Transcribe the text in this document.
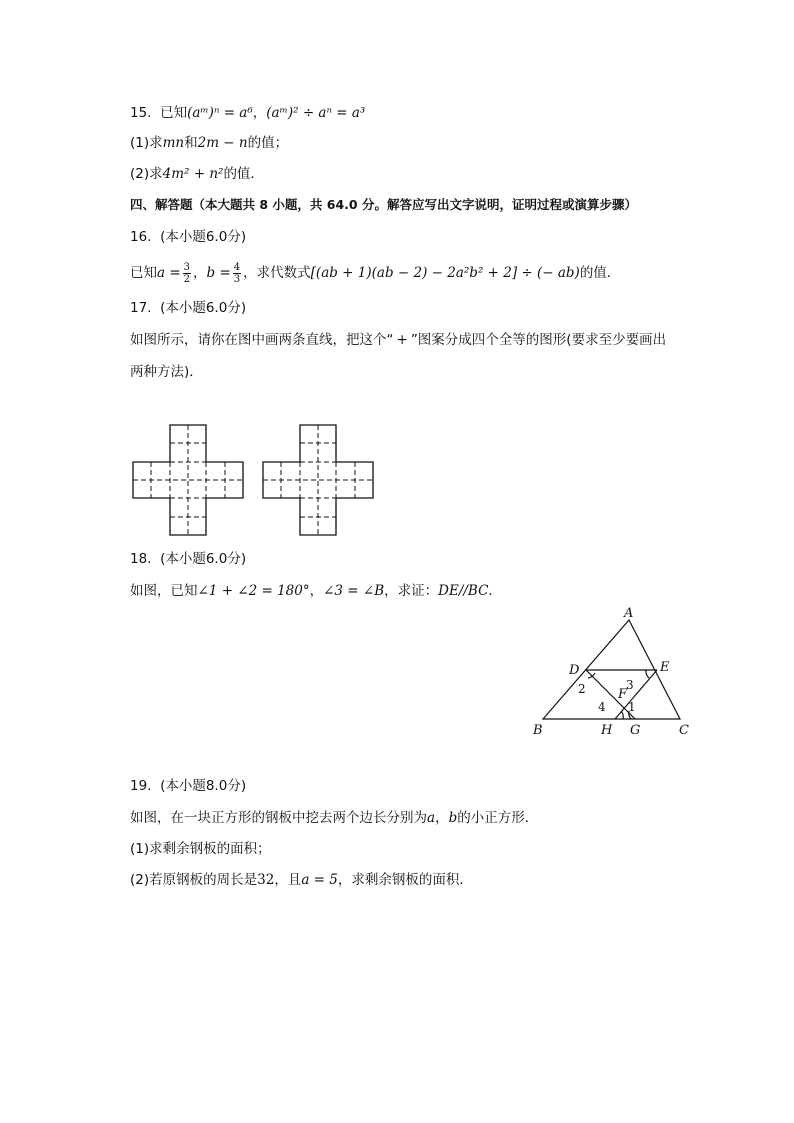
15. 已知(aᵐ)ⁿ = a⁶，(aᵐ)² ÷ aⁿ = a³
(1)求mn和2m − n的值；
(2)求4m² + n²的值．
四、解答题（本大题共 8 小题，共 64.0 分。解答应写出文字说明，证明过程或演算步骤）
16. (本小题6.0分)
已知$a = \frac{3}{2}$ ，$b = \frac{4}{3}$ ，求代数式[(ab + 1)(ab − 2) − 2a²b² + 2] ÷ (− ab)的值．
17. (本小题6.0分)
如图所示，请你在图中画两条直线，把这个“ + ”图案分成四个全等的图形(要求至少要画出
两种方法)．
18. (本小题6.0分)
如图，已知∠1 + ∠2 = 180°，∠3 = ∠B，求证：DE//BC．
A
B	C
D	E
F
G
H
1
2	3
4
19. (本小题8.0分)
如图，在一块正方形的钢板中挖去两个边长分别为a，b的小正方形．
(1)求剩余钢板的面积；
(2)若原钢板的周长是32，且a = 5，求剩余钢板的面积．
